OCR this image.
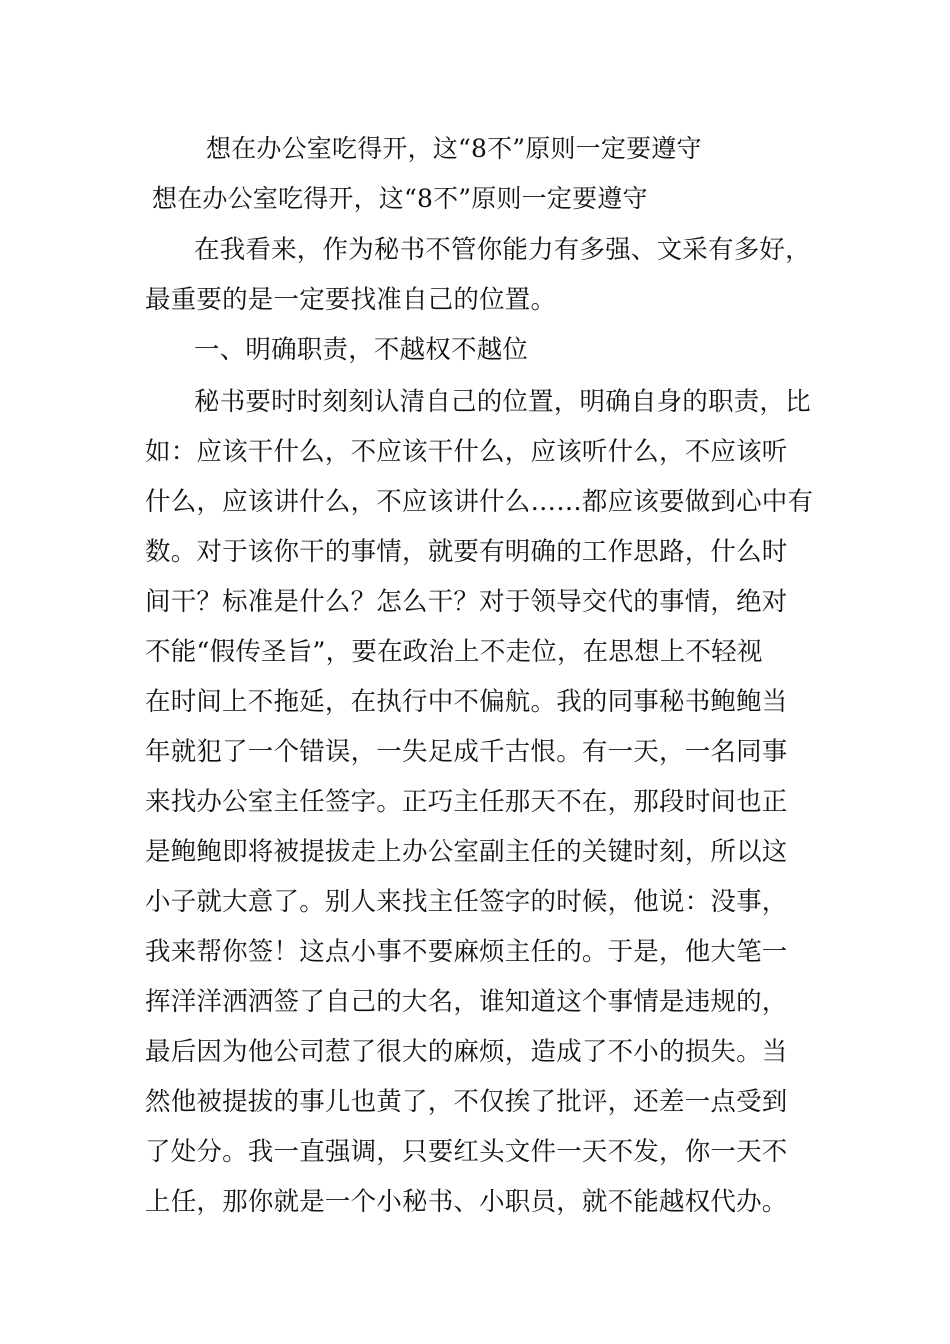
想在办公室吃得开，这“8不”原则一定要遵守
想在办公室吃得开，这“8不”原则一定要遵守
在我看来，作为秘书不管你能力有多强、文采有多好，
最重要的是一定要找准自己的位置。
一、明确职责，不越权不越位
秘书要时时刻刻认清自己的位置，明确自身的职责，比
如：应该干什么，不应该干什么，应该听什么，不应该听
什么，应该讲什么，不应该讲什么……都应该要做到心中有
数。对于该你干的事情，就要有明确的工作思路，什么时
间干？标准是什么？怎么干？对于领导交代的事情，绝对
不能“假传圣旨”，要在政治上不走位，在思想上不轻视
在时间上不拖延，在执行中不偏航。我的同事秘书鲍鲍当
年就犯了一个错误，一失足成千古恨。有一天，一名同事
来找办公室主任签字。正巧主任那天不在，那段时间也正
是鲍鲍即将被提拔走上办公室副主任的关键时刻，所以这
小子就大意了。别人来找主任签字的时候，他说：没事，
我来帮你签！这点小事不要麻烦主任的。于是，他大笔一
挥洋洋洒洒签了自己的大名，谁知道这个事情是违规的，
最后因为他公司惹了很大的麻烦，造成了不小的损失。当
然他被提拔的事儿也黄了，不仅挨了批评，还差一点受到
了处分。我一直强调，只要红头文件一天不发，你一天不
上任，那你就是一个小秘书、小职员，就不能越权代办。
